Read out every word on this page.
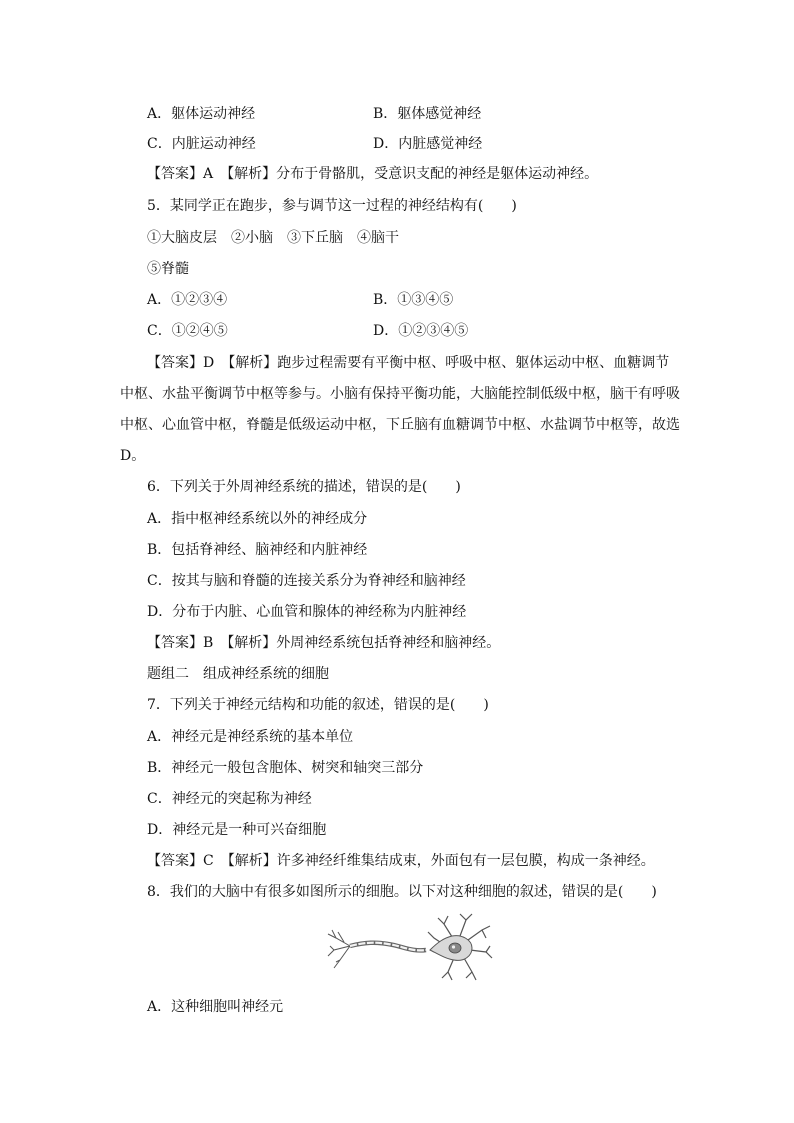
A．躯体运动神经	B．躯体感觉神经
C．内脏运动神经	D．内脏感觉神经
【答案】A　【解析】分布于骨骼肌，受意识支配的神经是躯体运动神经。
5．某同学正在跑步，参与调节这一过程的神经结构有(　　)
①大脑皮层　②小脑　③下丘脑　④脑干
⑤脊髓
A．①②③④	B．①③④⑤
C．①②④⑤	D．①②③④⑤
【答案】D　【解析】跑步过程需要有平衡中枢、呼吸中枢、躯体运动中枢、血糖调节
中枢、水盐平衡调节中枢等参与。小脑有保持平衡功能，大脑能控制低级中枢，脑干有呼吸
中枢、心血管中枢，脊髓是低级运动中枢，下丘脑有血糖调节中枢、水盐调节中枢等，故选
D。
6．下列关于外周神经系统的描述，错误的是(　　)
A．指中枢神经系统以外的神经成分
B．包括脊神经、脑神经和内脏神经
C．按其与脑和脊髓的连接关系分为脊神经和脑神经
D．分布于内脏、心血管和腺体的神经称为内脏神经
【答案】B　【解析】外周神经系统包括脊神经和脑神经。
题组二　组成神经系统的细胞
7．下列关于神经元结构和功能的叙述，错误的是(　　)
A．神经元是神经系统的基本单位
B．神经元一般包含胞体、树突和轴突三部分
C．神经元的突起称为神经
D．神经元是一种可兴奋细胞
【答案】C　【解析】许多神经纤维集结成束，外面包有一层包膜，构成一条神经。
8．我们的大脑中有很多如图所示的细胞。以下对这种细胞的叙述，错误的是(　　)
A．这种细胞叫神经元
